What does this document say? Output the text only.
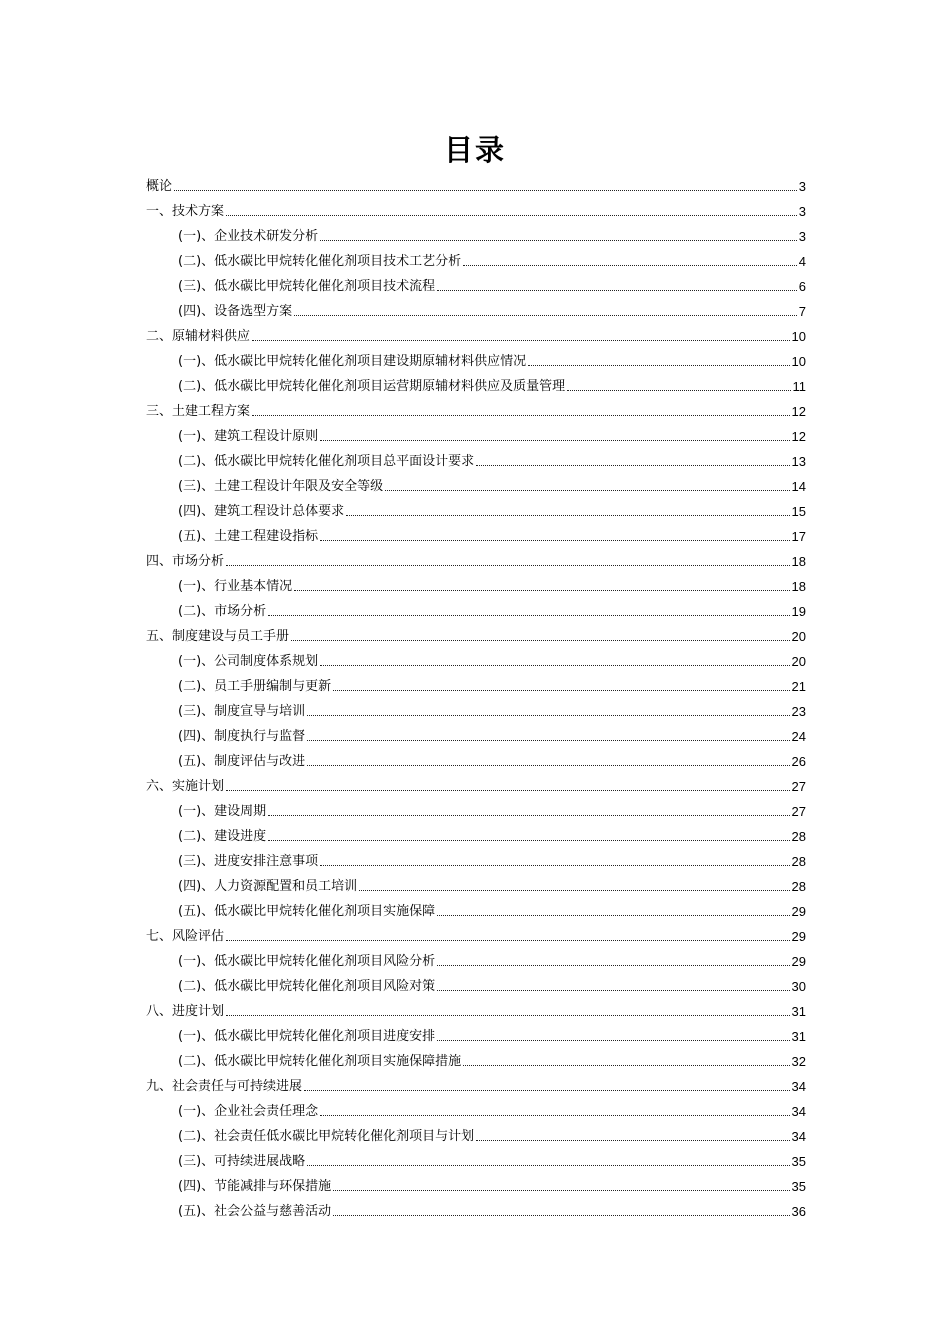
目录
概论	3
一、技术方案	3
(一)、企业技术研发分析	3
(二)、低水碳比甲烷转化催化剂项目技术工艺分析	4
(三)、低水碳比甲烷转化催化剂项目技术流程	6
(四)、设备选型方案	7
二、原辅材料供应	10
(一)、低水碳比甲烷转化催化剂项目建设期原辅材料供应情况	10
(二)、低水碳比甲烷转化催化剂项目运营期原辅材料供应及质量管理	11
三、土建工程方案	12
(一)、建筑工程设计原则	12
(二)、低水碳比甲烷转化催化剂项目总平面设计要求	13
(三)、土建工程设计年限及安全等级	14
(四)、建筑工程设计总体要求	15
(五)、土建工程建设指标	17
四、市场分析	18
(一)、行业基本情况	18
(二)、市场分析	19
五、制度建设与员工手册	20
(一)、公司制度体系规划	20
(二)、员工手册编制与更新	21
(三)、制度宣导与培训	23
(四)、制度执行与监督	24
(五)、制度评估与改进	26
六、实施计划	27
(一)、建设周期	27
(二)、建设进度	28
(三)、进度安排注意事项	28
(四)、人力资源配置和员工培训	28
(五)、低水碳比甲烷转化催化剂项目实施保障	29
七、风险评估	29
(一)、低水碳比甲烷转化催化剂项目风险分析	29
(二)、低水碳比甲烷转化催化剂项目风险对策	30
八、进度计划	31
(一)、低水碳比甲烷转化催化剂项目进度安排	31
(二)、低水碳比甲烷转化催化剂项目实施保障措施	32
九、社会责任与可持续进展	34
(一)、企业社会责任理念	34
(二)、社会责任低水碳比甲烷转化催化剂项目与计划	34
(三)、可持续进展战略	35
(四)、节能减排与环保措施	35
(五)、社会公益与慈善活动	36
